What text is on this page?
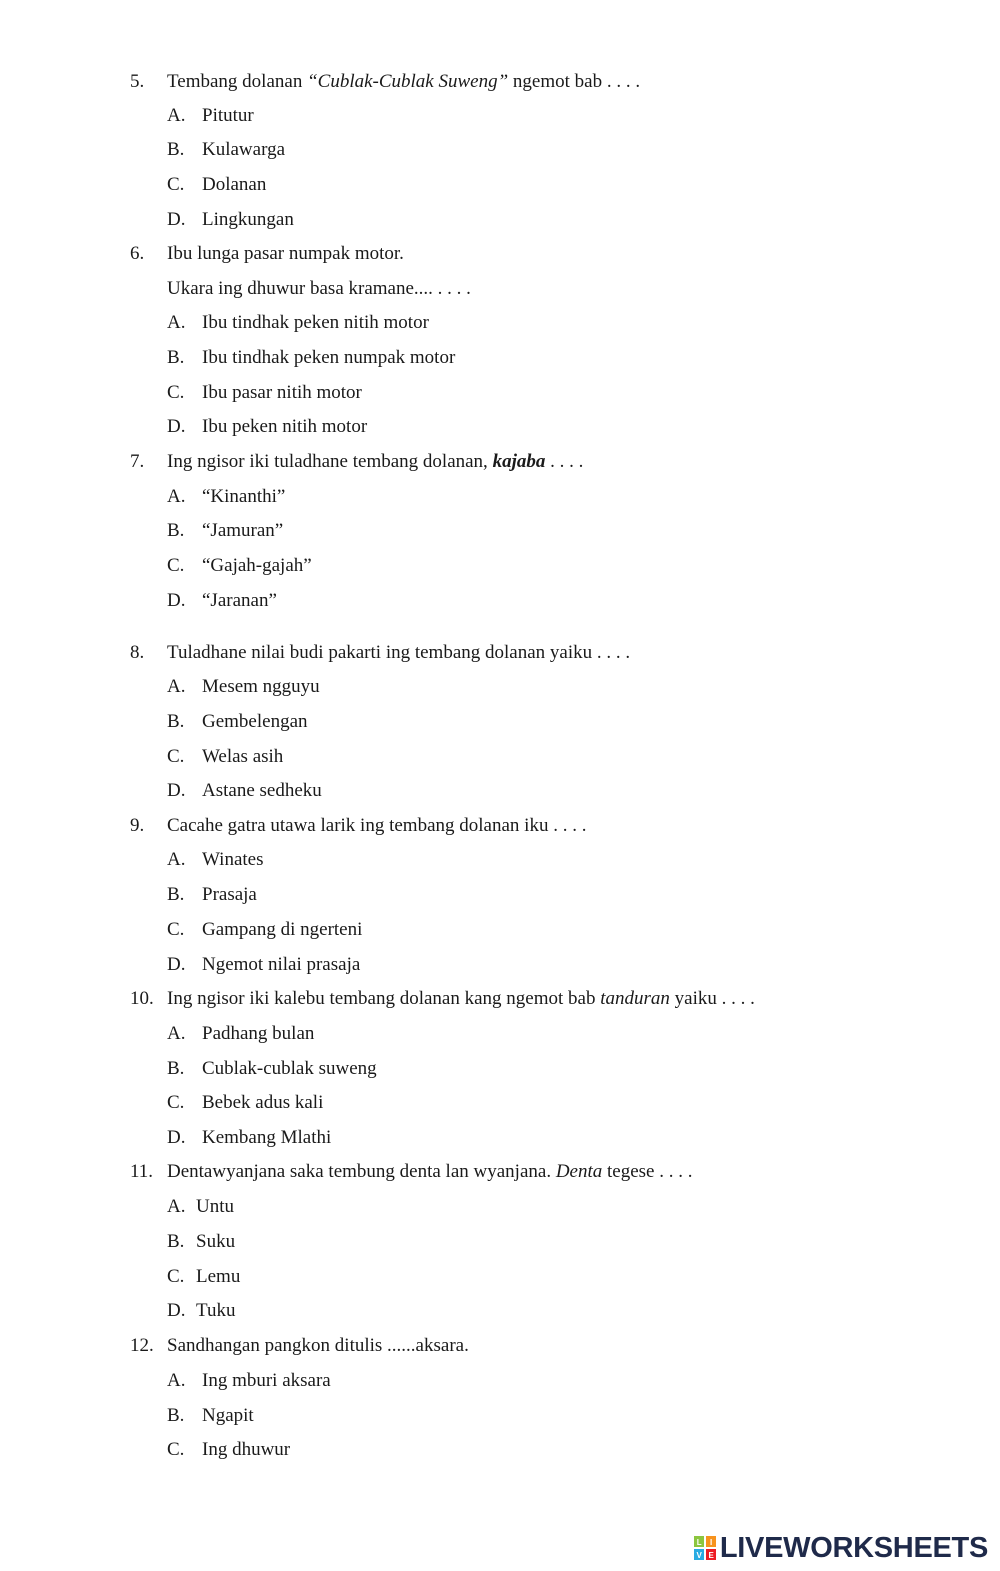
5. Tembang dolanan “Cublak-Cublak Suweng” ngemot bab . . . .
A. Pitutur
B. Kulawarga
C. Dolanan
D. Lingkungan
6. Ibu lunga pasar numpak motor.
Ukara ing dhuwur basa kramane.... . . . .
A. Ibu tindhak peken nitih motor
B. Ibu tindhak peken numpak motor
C. Ibu pasar nitih motor
D. Ibu peken nitih motor
7. Ing ngisor iki tuladhane tembang dolanan, kajaba . . . .
A. “Kinanthi”
B. “Jamuran”
C. “Gajah-gajah”
D. “Jaranan”
8. Tuladhane nilai budi pakarti ing tembang dolanan yaiku . . . .
A. Mesem ngguyu
B. Gembelengan
C. Welas asih
D. Astane sedheku
9. Cacahe gatra utawa larik ing tembang dolanan iku . . . .
A. Winates
B. Prasaja
C. Gampang di ngerteni
D. Ngemot nilai prasaja
10. Ing ngisor iki kalebu tembang dolanan kang ngemot bab tanduran yaiku . . . .
A. Padhang bulan
B. Cublak-cublak suweng
C. Bebek adus kali
D. Kembang Mlathi
11. Dentawyanjana saka tembung denta lan wyanjana. Denta tegese . . . .
A. Untu
B. Suku
C. Lemu
D. Tuku
12. Sandhangan pangkon ditulis ......aksara.
A. Ing mburi aksara
B. Ngapit
C. Ing dhuwur
L I
V E LIVEWORKSHEETS
